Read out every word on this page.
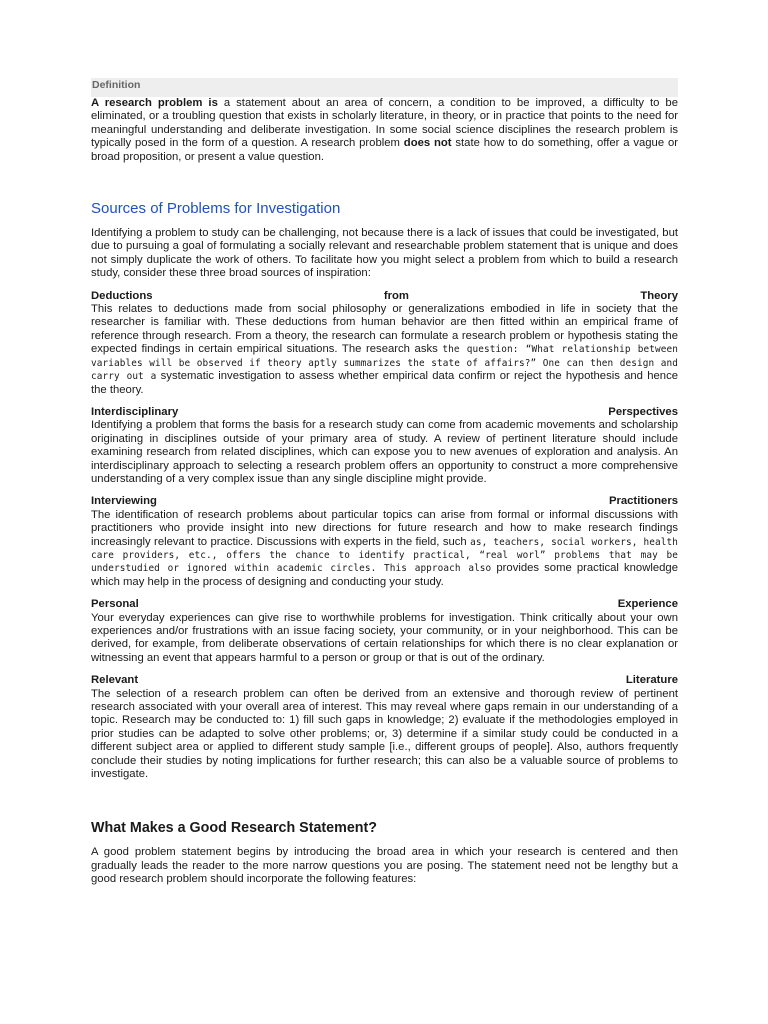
Definition

A research problem is a statement about an area of concern, a condition to be improved, a difficulty to be eliminated, or a troubling question that exists in scholarly literature, in theory, or in practice that points to the need for meaningful understanding and deliberate investigation. In some social science disciplines the research problem is typically posed in the form of a question. A research problem does not state how to do something, offer a vague or broad proposition, or present a value question.

Sources of Problems for Investigation

Identifying a problem to study can be challenging, not because there is a lack of issues that could be investigated, but due to pursuing a goal of formulating a socially relevant and researchable problem statement that is unique and does not simply duplicate the work of others. To facilitate how you might select a problem from which to build a research study, consider these three broad sources of inspiration:

Deductions	from	Theory

This relates to deductions made from social philosophy or generalizations embodied in life in society that the researcher is familiar with. These deductions from human behavior are then fitted within an empirical frame of reference through research. From a theory, the research can formulate a research problem or hypothesis stating the expected findings in certain empirical situations. The research asks the question: “What relationship between variables will be observed if theory aptly summarizes the state of affairs?” One can then design and carry out a systematic investigation to assess whether empirical data confirm or reject the hypothesis and hence the theory.

Interdisciplinary	Perspectives

Identifying a problem that forms the basis for a research study can come from academic movements and scholarship originating in disciplines outside of your primary area of study. A review of pertinent literature should include examining research from related disciplines, which can expose you to new avenues of exploration and analysis. An interdisciplinary approach to selecting a research problem offers an opportunity to construct a more comprehensive understanding of a very complex issue than any single discipline might provide.

Interviewing	Practitioners

The identification of research problems about particular topics can arise from formal or informal discussions with practitioners who provide insight into new directions for future research and how to make research findings increasingly relevant to practice. Discussions with experts in the field, such as, teachers, social workers, health care providers, etc., offers the chance to identify practical, “real worl” problems that may be understudied or ignored within academic circles. This approach also provides some practical knowledge which may help in the process of designing and conducting your study.

Personal	Experience

Your everyday experiences can give rise to worthwhile problems for investigation. Think critically about your own experiences and/or frustrations with an issue facing society, your community, or in your neighborhood. This can be derived, for example, from deliberate observations of certain relationships for which there is no clear explanation or witnessing an event that appears harmful to a person or group or that is out of the ordinary.

Relevant	Literature

The selection of a research problem can often be derived from an extensive and thorough review of pertinent research associated with your overall area of interest. This may reveal where gaps remain in our understanding of a topic. Research may be conducted to: 1) fill such gaps in knowledge; 2) evaluate if the methodologies employed in prior studies can be adapted to solve other problems; or, 3) determine if a similar study could be conducted in a different subject area or applied to different study sample [i.e., different groups of people]. Also, authors frequently conclude their studies by noting implications for further research; this can also be a valuable source of problems to investigate.

What Makes a Good Research Statement?

A good problem statement begins by introducing the broad area in which your research is centered and then gradually leads the reader to the more narrow questions you are posing. The statement need not be lengthy but a good research problem should incorporate the following features:
